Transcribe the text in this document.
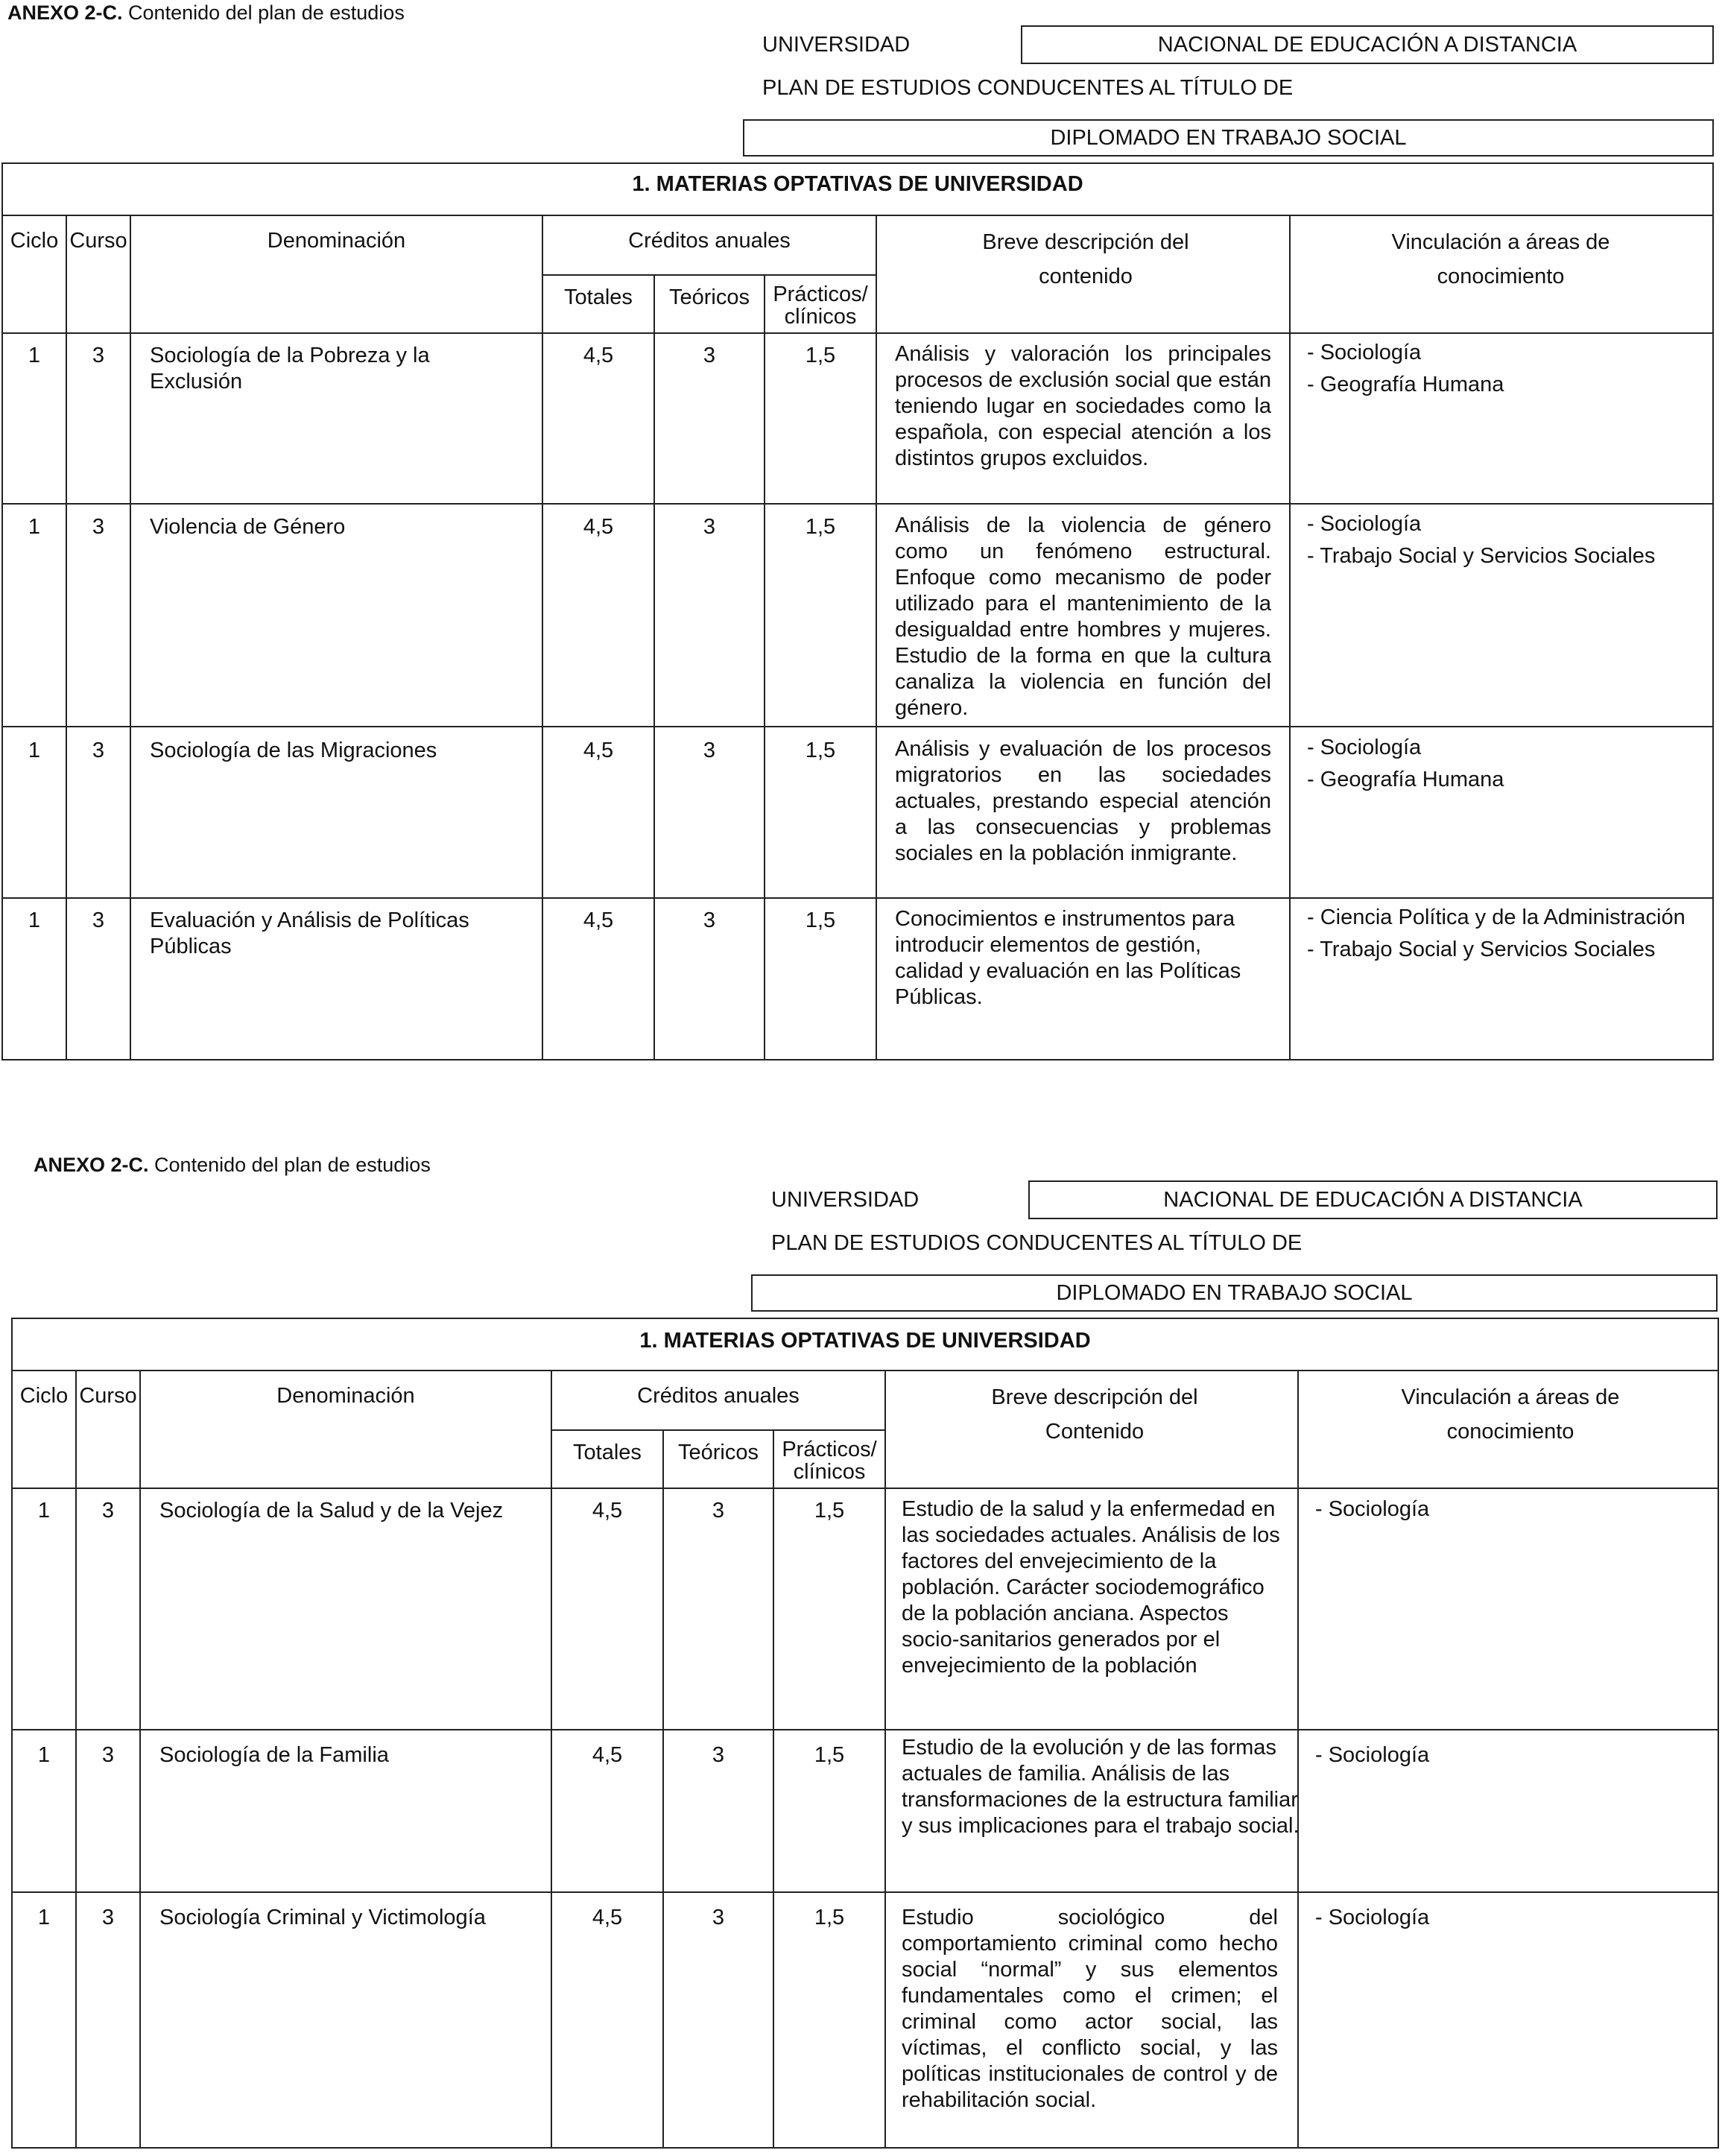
ANEXO 2-C. Contenido del plan de estudios
UNIVERSIDAD	NACIONAL DE EDUCACIÓN A DISTANCIA
PLAN DE ESTUDIOS CONDUCENTES AL TÍTULO DE
DIPLOMADO EN TRABAJO SOCIAL
1. MATERIAS OPTATIVAS DE UNIVERSIDAD
Ciclo Curso	Denominación	Créditos anuales
Totales	Teóricos	Prácticos/ clínicos
Breve descripción del contenido
Vinculación a áreas de conocimiento
1	3	Sociología de la Pobreza y la Exclusión
4,5	3	1,5	Análisis y valoración los principales procesos de exclusión social que están teniendo lugar en sociedades como la española, con especial atención a los distintos grupos excluidos.
- Sociología
- Geografía Humana
1	3	Violencia de Género	4,5	3	1,5	Análisis de la violencia de género como un fenómeno estructural. Enfoque como mecanismo de poder utilizado para el mantenimiento de la desigualdad entre hombres y mujeres. Estudio de la forma en que la cultura canaliza la violencia en función del género.
- Sociología
- Trabajo Social y Servicios Sociales
1	3	Sociología de las Migraciones	4,5	3	1,5	Análisis y evaluación de los procesos migratorios en las sociedades actuales, prestando especial atención a las consecuencias y problemas sociales en la población inmigrante.
- Sociología
- Geografía Humana
1	3	Evaluación y Análisis de Políticas Públicas
4,5	3	1,5	Conocimientos e instrumentos para introducir elementos de gestión, calidad y evaluación en las Políticas Públicas.
- Ciencia Política y de la Administración
- Trabajo Social y Servicios Sociales
ANEXO 2-C. Contenido del plan de estudios
UNIVERSIDAD	NACIONAL DE EDUCACIÓN A DISTANCIA
PLAN DE ESTUDIOS CONDUCENTES AL TÍTULO DE
DIPLOMADO EN TRABAJO SOCIAL
1. MATERIAS OPTATIVAS DE UNIVERSIDAD
Ciclo Curso	Denominación	Créditos anuales
Totales	Teóricos	Prácticos/ clínicos
Breve descripción del Contenido
Vinculación a áreas de conocimiento
1	3	Sociología de la Salud y de la Vejez	4,5	3	1,5	Estudio de la salud y la enfermedad en las sociedades actuales. Análisis de los factores del envejecimiento de la población. Carácter sociodemográfico de la población anciana. Aspectos socio-sanitarios generados por el envejecimiento de la población
- Sociología
1	3	Sociología de la Familia	4,5	3	1,5	Estudio de la evolución y de las formas actuales de familia. Análisis de las transformaciones de la estructura familiar y sus implicaciones para el trabajo social.
- Sociología
1	3	Sociología Criminal y Victimología	4,5	3	1,5	Estudio sociológico del comportamiento criminal como hecho social “normal” y sus elementos fundamentales como el crimen; el criminal como actor social, las víctimas, el conflicto social, y las políticas institucionales de control y de rehabilitación social.
- Sociología
